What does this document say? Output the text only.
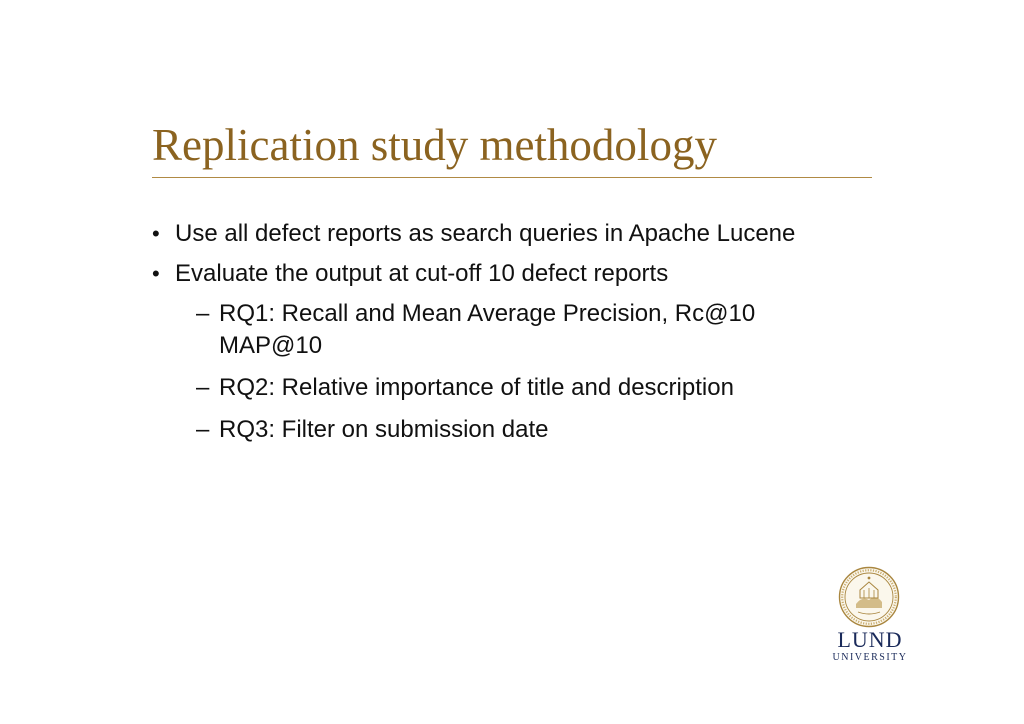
Replication study methodology
• Use all defect reports as search queries in Apache Lucene
• Evaluate the output at cut-off 10 defect reports
– RQ1: Recall and Mean Average Precision, Rc@10 MAP@10
– RQ2: Relative importance of title and description
– RQ3: Filter on submission date
LUND
UNIVERSITY
